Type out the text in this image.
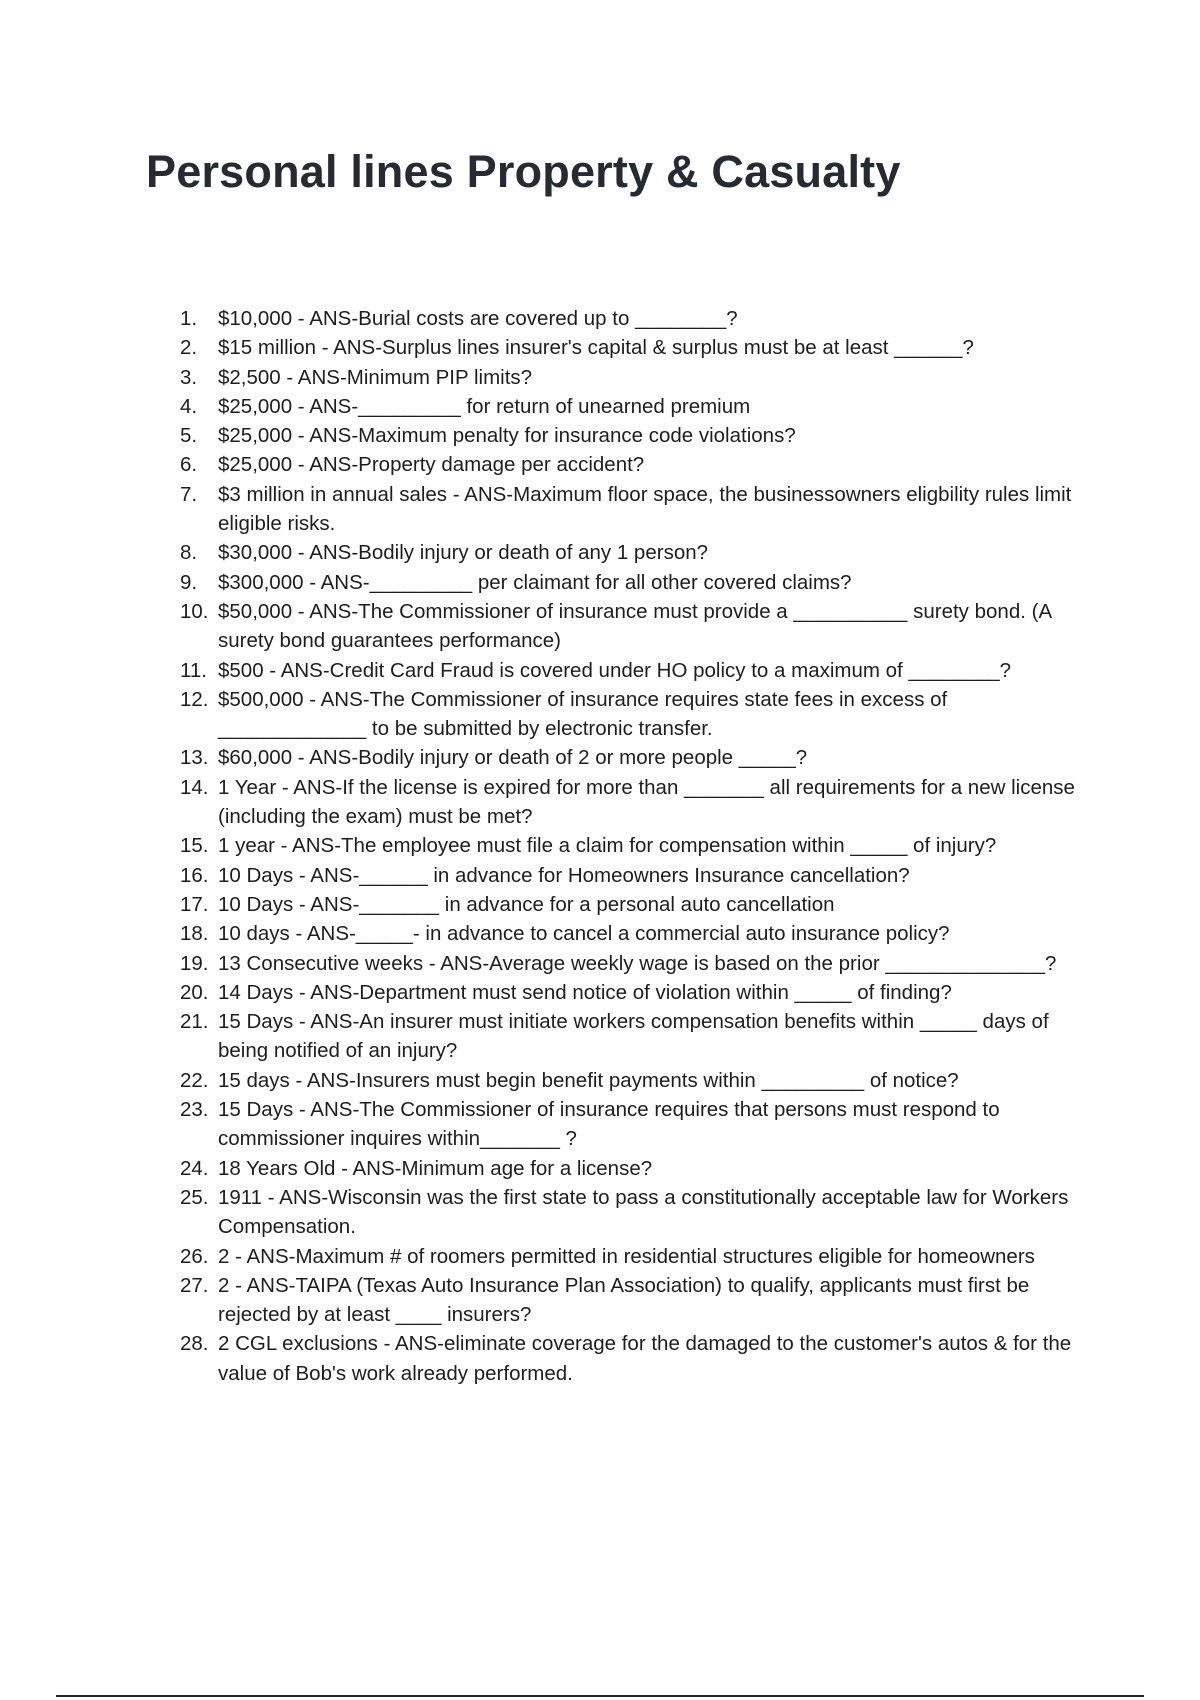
Personal lines Property & Casualty
1.	$10,000 - ANS-Burial costs are covered up to ________?
2.	$15 million - ANS-Surplus lines insurer's capital & surplus must be at least ______?
3.	$2,500 - ANS-Minimum PIP limits?
4.	$25,000 - ANS-_________ for return of unearned premium
5.	$25,000 - ANS-Maximum penalty for insurance code violations?
6.	$25,000 - ANS-Property damage per accident?
7.	$3 million in annual sales - ANS-Maximum floor space, the businessowners eligbility rules limit eligible risks.
8.	$30,000 - ANS-Bodily injury or death of any 1 person?
9.	$300,000 - ANS-_________ per claimant for all other covered claims?
10. $50,000 - ANS-The Commissioner of insurance must provide a __________ surety bond. (A surety bond guarantees performance)
11. $500 - ANS-Credit Card Fraud is covered under HO policy to a maximum of ________?
12. $500,000 - ANS-The Commissioner of insurance requires state fees in excess of _____________ to be submitted by electronic transfer.
13. $60,000 - ANS-Bodily injury or death of 2 or more people _____?
14. 1 Year - ANS-If the license is expired for more than _______ all requirements for a new license (including the exam) must be met?
15. 1 year - ANS-The employee must file a claim for compensation within _____ of injury?
16. 10 Days - ANS-______ in advance for Homeowners Insurance cancellation?
17. 10 Days - ANS-_______ in advance for a personal auto cancellation
18. 10 days - ANS-_____- in advance to cancel a commercial auto insurance policy?
19. 13 Consecutive weeks - ANS-Average weekly wage is based on the prior ______________?
20. 14 Days - ANS-Department must send notice of violation within _____ of finding?
21. 15 Days - ANS-An insurer must initiate workers compensation benefits within _____ days of being notified of an injury?
22. 15 days - ANS-Insurers must begin benefit payments within _________ of notice?
23. 15 Days - ANS-The Commissioner of insurance requires that persons must respond to commissioner inquires within_______ ?
24. 18 Years Old - ANS-Minimum age for a license?
25. 1911 - ANS-Wisconsin was the first state to pass a constitutionally acceptable law for Workers Compensation.
26. 2 - ANS-Maximum # of roomers permitted in residential structures eligible for homeowners
27. 2 - ANS-TAIPA (Texas Auto Insurance Plan Association) to qualify, applicants must first be rejected by at least ____ insurers?
28. 2 CGL exclusions - ANS-eliminate coverage for the damaged to the customer's autos & for the value of Bob's work already performed.
